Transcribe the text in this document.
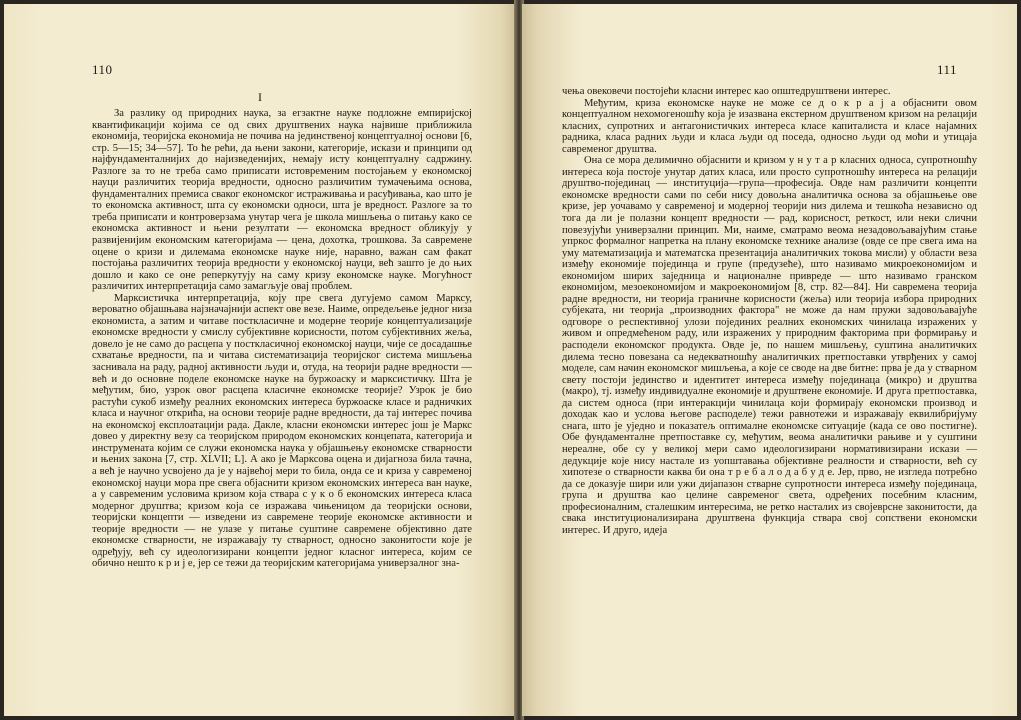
110
I

За разлику од природних наука, за егзактне науке подложне емпиријској квантификацији којима се од свих друштвених наука највише приближила економија, теоријска економија не почива на јединственој концептуалној основи [6, стр. 5—15; 34—57]. То ће рећи, да њени закони, категорије, искази и принципи од најфундаменталнијих до најизведенијих, немају исту концептуалну садржину. Разлоге за то не треба само приписати истовременим постојањем у економској науци различитих теорија вредности, односно различитим тумачењима основа, фундаменталних премиса сваког економског истраживања и расуђивања, као што је то економска активност, шта су економски односи, шта је вредност. Разлоге за то треба приписати и контроверзама унутар чега је школа мишљења о питању како се економска активност и њени резултати — економска вредност обликују у развијенијим економским категоријама — цена, дохотка, трошкова. За савремене оцене о кризи и дилемама економске науке није, наравно, важан сам факат постојања различитих теорија вредности у економској науци, већ зашто је до њих дошло и како се оне реперкутују на саму кризу економске науке. Могућност различитих интерпретација само замагљује овај проблем.

Марксистичка интерпретација, коју пре свега дугујемо самом Марксу, вероватно објашњава најзначајнији аспект ове везе. Наиме, опредељење једног низа економиста, а затим и читаве посткласичне и модерне теорије концептуализације економске вредности у смислу субјективне корисности, потом субјективних жеља, довело је не само до расцепа у посткласичној економској науци, чије се досадашње схватање вредности, па и читава систематизација теоријског система мишљења заснивала на раду, радној активности људи и, отуда, на теорији радне вредности — већ и до основне поделе економске науке на буржоаску и марксистичку. Шта је међутим, био, узрок овог расцепа класичне економске теорије? Узрок је био растући сукоб између реалних економских интереса буржоаске класе и радничких класа и научног открића, на основи теорије радне вредности, да тај интерес почива на економској експлоатацији рада. Дакле, класни економски интерес још је Маркс довео у директну везу са теоријском природом економских концепата, категорија и инструмената којим се служи економска наука у објашњењу економске стварности и њених закона [7, стр. XLVII; L]. А ако је Марксова оцена и дијагноза била тачна, а већ је научно усвојено да је у највећој мери то била, онда се и криза у савременој економској науци мора пре свега објаснити кризом економских интереса ван науке, а у савременим условима кризом која ствара с у к о б економских интереса класа модерног друштва; кризом која се изражава чињеницом да теоријски основи, теоријски концепти — изведени из савремене теорије економске активности и теорије вредности — не улазе у питање суштине савремене објективно дате економске стварности, не изражавају ту стварност, односно законитости које је одређују, већ су идеологизирани концепти једног класног интереса, којим се обично нешто к р и ј е, јер се тежи да теоријским категоријама универзалног зна-

111

чења овековечи постојећи класни интерес као општедруштвени интерес.

Међутим, криза економске науке не може се д о к р а ј а објаснити овом концептуалном нехомогеношћу која је изазвана екстерном друштвеном кризом на релацији класних, супротних и антагонистичких интереса класе капиталиста и класе најамних радника, класа радних људи и класа људи од поседа, односно људи од моћи и утицаја савременог друштва.

Она се мора делимично објаснити и кризом у н у т а р класних односа, супротношћу интереса која постоје унутар датих класа, или просто супротношћу интереса на релацији друштво-појединац — институција—група—професија. Овде нам различити концепти економске вредности сами по себи нису довољна аналитичка основа за објашњење ове кризе, јер уочавамо у савременој и модерној теорији низ дилема и тешкоћа независно од тога да ли је полазни концепт вредности — рад, корисност, реткост, или неки слични повезујући универзални принцип. Ми, наиме, сматрамо веома незадовољавајућим стање упркос формалног напретка на плану економске технике анализе (овде се пре свега има на уму математизација и математска презентација аналитичких токова мисли) у области веза између економије појединца и групе (предузеће), што називамо микроекономијом и економијом ширих заједница и националне привреде — што називамо гранском економијом, мезоекономијом и макроекономијом [8, стр. 82—84]. Ни савремена теорија радне вредности, ни теорија граничне корисности (жеља) или теорија избора природних субјеката, ни теорија „производних фактора" не може да нам пружи задовољавајуће одговоре о респективној улози појединих реалних економских чинилаца изражених у живом и опредмећеном раду, или изражених у природним факторима при формирању и расподели економског продукта. Овде је, по нашем мишљењу, суштина аналитичких дилема тесно повезана са недекватношћу аналитичких претпоставки утврђених у самој моделе, сам начин економског мишљења, а које се своде на две битне: прва је да у стварном свету постоји јединство и идентитет интереса између појединаца (микро) и друштва (макро), тј. између индивидуалне економије и друштвене економије. И друга претпоставка, да систем односа (при интеракцији чинилаца који формирају економски производ и доходак као и услова његове расподеле) тежи равнотежи и изражавају еквилибријуму снага, што је уједно и показатељ оптималне економске ситуације (када се ово постигне). Обе фундаменталне претпоставке су, међутим, веома аналитички рањиве и у суштини нереалне, обе су у великој мери само идеологизирани нормативизирани искази — дедукције које нису настале из уопштавања објективне реалности и стварности, већ су хипотезе о стварности каква би она т р е б а л о д а б у д е. Јер, прво, не изгледа потребно да се доказује шири или ужи дијапазон стварне супротности интереса између појединаца, група и друштва као целине савременог света, одређених посебним класним, професионалним, сталешким интересима, не ретко насталих из својеврсне законитости, да свака институционализирана друштвена функција ствара свој сопствени економски интерес. И друго, идеја
